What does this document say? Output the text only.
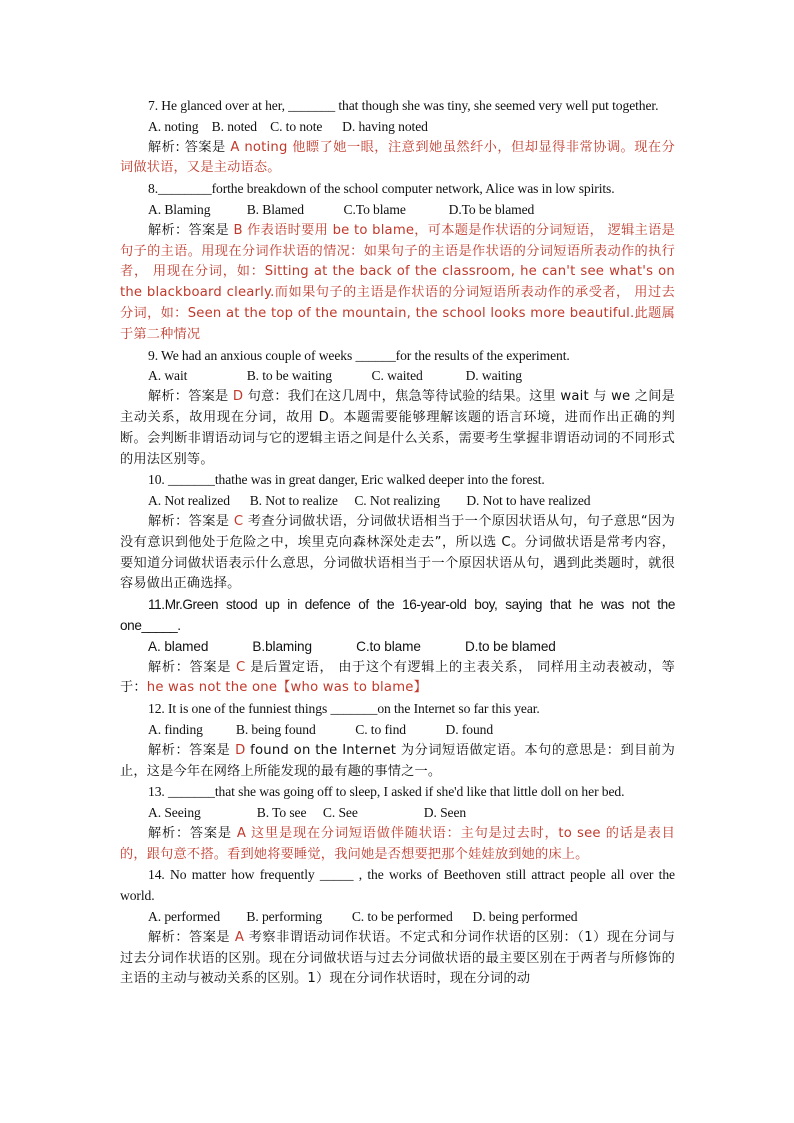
7. He glanced over at her, _______ that though she was tiny, she seemed very well put together.

A. noting    B. noted    C. to note      D. having noted

解析: 答案是 A noting 他瞟了她一眼，注意到她虽然纤小，但却显得非常协调。现在分词做状语，又是主动语态。

8.________forthe breakdown of the school computer network, Alice was in low spirits.

A. Blaming           B. Blamed            C.To blame             D.To be blamed

解析：答案是 B 作表语时要用 be to blame，可本题是作状语的分词短语， 逻辑主语是句子的主语。用现在分词作状语的情况：如果句子的主语是作状语的分词短语所表动作的执行者， 用现在分词，如：Sitting at the back of the classroom, he can't see what's on the blackboard clearly.而如果句子的主语是作状语的分词短语所表动作的承受者， 用过去分词，如：Seen at the top of the mountain, the school looks more beautiful.此题属于第二种情况

9. We had an anxious couple of weeks ______for the results of the experiment.

A. wait                  B. to be waiting            C. waited             D. waiting

解析：答案是 D 句意：我们在这几周中，焦急等待试验的结果。这里 wait 与 we 之间是主动关系，故用现在分词，故用 D。本题需要能够理解该题的语言环境，进而作出正确的判断。会判断非谓语动词与它的逻辑主语之间是什么关系，需要考生掌握非谓语动词的不同形式的用法区别等。

10. _______thathe was in great danger, Eric walked deeper into the forest.

A. Not realized      B. Not to realize     C. Not realizing        D. Not to have realized

解析：答案是 C 考查分词做状语，分词做状语相当于一个原因状语从句，句子意思“因为没有意识到他处于危险之中，埃里克向森林深处走去”，所以选 C。分词做状语是常考内容，要知道分词做状语表示什么意思，分词做状语相当于一个原因状语从句，遇到此类题时，就很容易做出正确选择。

11.Mr.Green stood up in defence of the 16-year-old boy, saying that he was not the one_____.

A. blamed            B.blaming            C.to blame            D.to be blamed

解析：答案是 C 是后置定语， 由于这个有逻辑上的主表关系， 同样用主动表被动，等于：he was not the one【who was to blame】

12. It is one of the funniest things _______on the Internet so far this year.

A. finding          B. being found            C. to find            D. found

解析：答案是 D found on the Internet 为分词短语做定语。本句的意思是：到目前为止，这是今年在网络上所能发现的最有趣的事情之一。

13. _______that she was going off to sleep, I asked if she'd like that little doll on her bed.

A. Seeing                 B. To see     C. See                    D. Seen

解析：答案是 A 这里是现在分词短语做伴随状语：主句是过去时，to see 的话是表目的，跟句意不搭。看到她将要睡觉，我问她是否想要把那个娃娃放到她的床上。

14. No matter how frequently _____ , the works of Beethoven still attract people all over the world.

A. performed        B. performing         C. to be performed      D. being performed

解析：答案是 A 考察非谓语动词作状语。不定式和分词作状语的区别：（1）现在分词与过去分词作状语的区别。现在分词做状语与过去分词做状语的最主要区别在于两者与所修饰的主语的主动与被动关系的区别。1）现在分词作状语时，现在分词的动
